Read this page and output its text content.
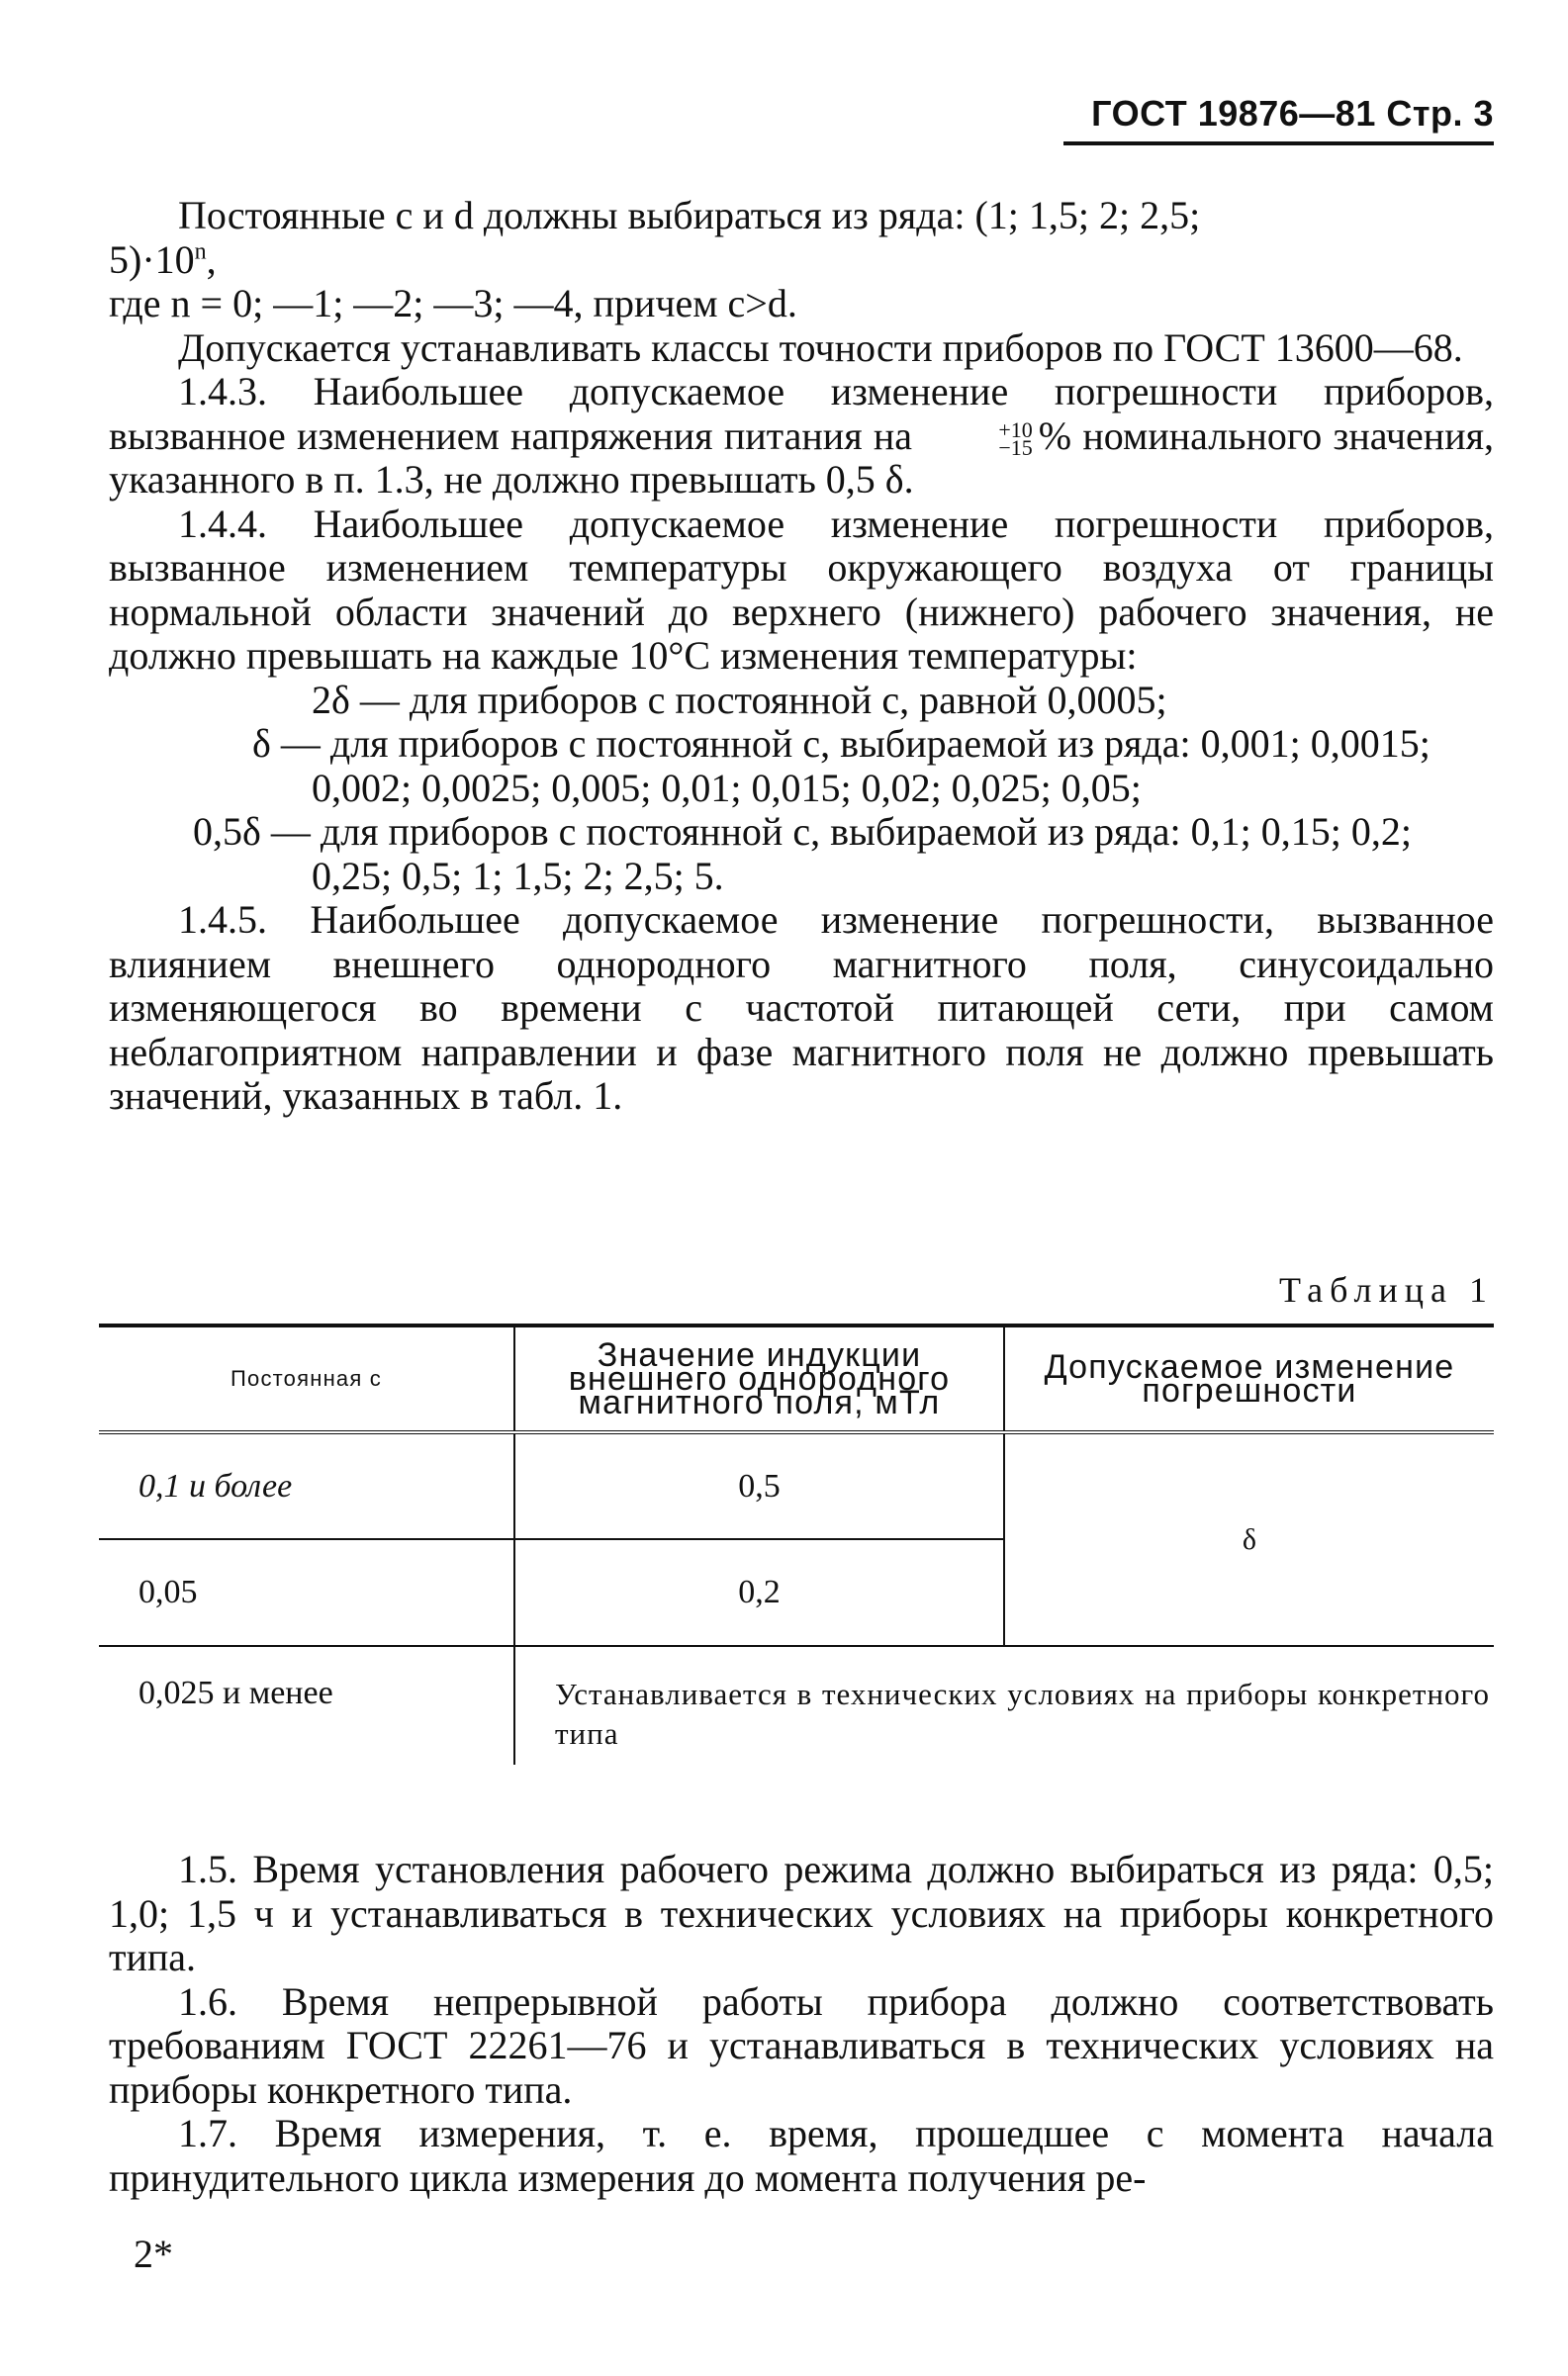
ГОСТ 19876—81 Стр. 3

Постоянные c и d должны выбираться из ряда: (1; 1,5; 2; 2,5;

$5)\cdot 10^n$,

где n = 0; —1; —2; —3; —4, причем c>d.

Допускается устанавливать классы точности приборов по ГОСТ 13600—68.

1.4.3. Наибольшее допускаемое изменение погрешности приборов, вызванное изменением напряжения питания на	+10
−15 % номинального значения, указанного в п. 1.3, не должно превышать 0,5 δ.

1.4.4. Наибольшее допускаемое изменение погрешности приборов, вызванное изменением температуры окружающего воздуха от границы нормальной области значений до верхнего (нижнего) рабочего значения, не должно превышать на каждые 10°С изменения температуры:

2δ — для приборов с постоянной c, равной 0,0005;

δ — для приборов с постоянной c, выбираемой из ряда: 0,001; 0,0015; 0,002; 0,0025; 0,005; 0,01; 0,015; 0,02; 0,025; 0,05;

0,5δ — для приборов с постоянной c, выбираемой из ряда: 0,1; 0,15; 0,2; 0,25; 0,5; 1; 1,5; 2; 2,5; 5.

1.4.5. Наибольшее допускаемое изменение погрешности, вызванное влиянием внешнего однородного магнитного поля, синусоидально изменяющегося во времени с частотой питающей сети, при самом неблагоприятном направлении и фазе магнитного поля не должно превышать значений, указанных в табл. 1.

Таблица 1
Постоянная c	Значение индукции внешнего однородного магнитного поля, мТл	Допускаемое изменение погрешности
0,1 и более	0,5	δ
0,05	0,2	
0,025 и менее	Устанавливается в технических условиях на приборы конкретного типа	

1.5. Время установления рабочего режима должно выбираться из ряда: 0,5; 1,0; 1,5 ч и устанавливаться в технических условиях на приборы конкретного типа.

1.6. Время непрерывной работы прибора должно соответствовать требованиям ГОСТ 22261—76 и устанавливаться в технических условиях на приборы конкретного типа.

1.7. Время измерения, т. е. время, прошедшее с момента начала принудительного цикла измерения до момента получения ре-

2*
